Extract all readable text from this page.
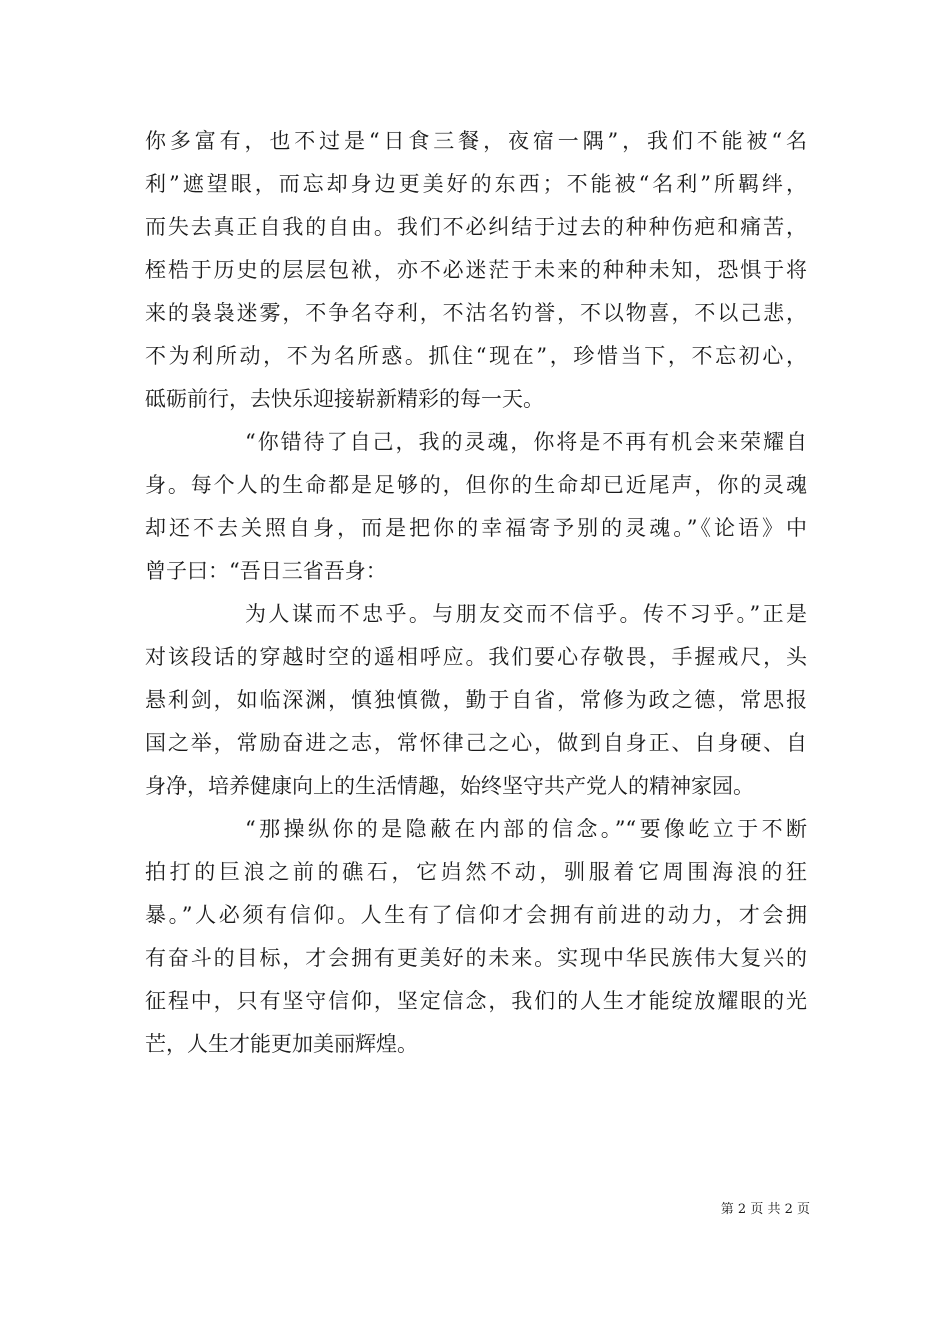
你多富有，也不过是“日食三餐，夜宿一隅”，我们不能被“名
利”遮望眼，而忘却身边更美好的东西；不能被“名利”所羁绊，
而失去真正自我的自由。我们不必纠结于过去的种种伤疤和痛苦，
桎梏于历史的层层包袱，亦不必迷茫于未来的种种未知，恐惧于将
来的袅袅迷雾，不争名夺利，不沽名钓誉，不以物喜，不以己悲，
不为利所动，不为名所惑。抓住“现在”，珍惜当下，不忘初心，
砥砺前行，去快乐迎接崭新精彩的每一天。
“你错待了自己，我的灵魂，你将是不再有机会来荣耀自
身。每个人的生命都是足够的，但你的生命却已近尾声，你的灵魂
却还不去关照自身，而是把你的幸福寄予别的灵魂。”《论语》中
曾子曰：“吾日三省吾身：
为人谋而不忠乎。与朋友交而不信乎。传不习乎。”正是
对该段话的穿越时空的遥相呼应。我们要心存敬畏，手握戒尺，头
悬利剑，如临深渊，慎独慎微，勤于自省，常修为政之德，常思报
国之举，常励奋进之志，常怀律己之心，做到自身正、自身硬、自
身净，培养健康向上的生活情趣，始终坚守共产党人的精神家园。
“那操纵你的是隐蔽在内部的信念。”“要像屹立于不断
拍打的巨浪之前的礁石，它岿然不动，驯服着它周围海浪的狂
暴。”人必须有信仰。人生有了信仰才会拥有前进的动力，才会拥
有奋斗的目标，才会拥有更美好的未来。实现中华民族伟大复兴的
征程中，只有坚守信仰，坚定信念，我们的人生才能绽放耀眼的光
芒，人生才能更加美丽辉煌。
第 2 页 共 2 页
